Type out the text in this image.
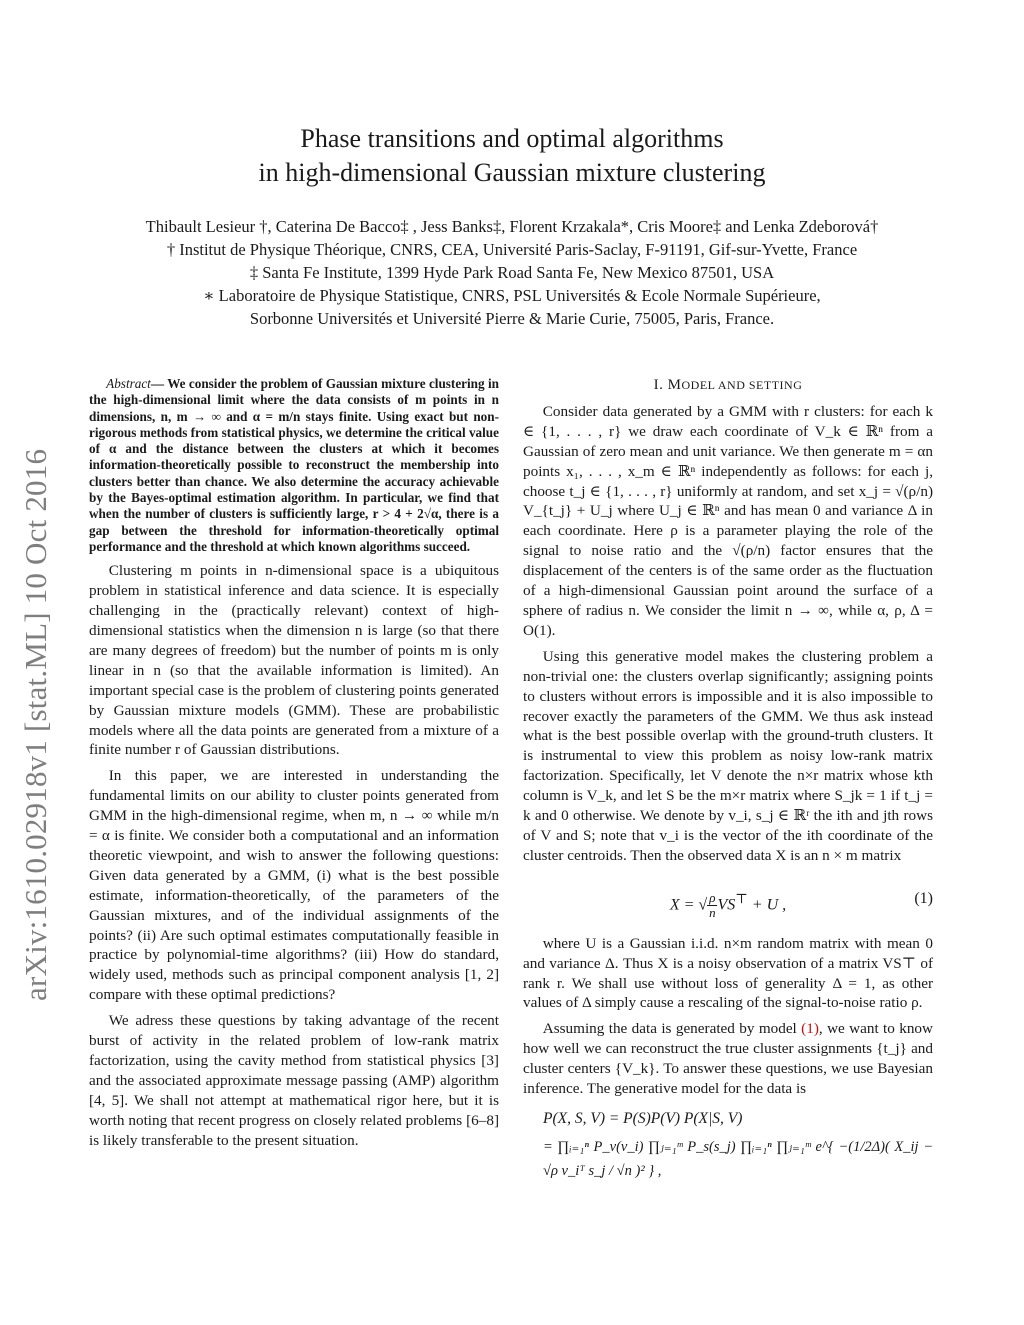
arXiv:1610.02918v1 [stat.ML] 10 Oct 2016
Phase transitions and optimal algorithms
in high-dimensional Gaussian mixture clustering
Thibault Lesieur †, Caterina De Bacco‡ , Jess Banks‡, Florent Krzakala*, Cris Moore‡ and Lenka Zdeborová†
† Institut de Physique Théorique, CNRS, CEA, Université Paris-Saclay, F-91191, Gif-sur-Yvette, France
‡ Santa Fe Institute, 1399 Hyde Park Road Santa Fe, New Mexico 87501, USA
∗ Laboratoire de Physique Statistique, CNRS, PSL Universités & Ecole Normale Supérieure,
Sorbonne Universités et Université Pierre & Marie Curie, 75005, Paris, France.
Abstract— We consider the problem of Gaussian mixture clustering in the high-dimensional limit where the data consists of m points in n dimensions, n, m → ∞ and α = m/n stays finite. Using exact but non-rigorous methods from statistical physics, we determine the critical value of α and the distance between the clusters at which it becomes information-theoretically possible to reconstruct the membership into clusters better than chance. We also determine the accuracy achievable by the Bayes-optimal estimation algorithm. In particular, we find that when the number of clusters is sufficiently large, r > 4 + 2√α, there is a gap between the threshold for information-theoretically optimal performance and the threshold at which known algorithms succeed.

Clustering m points in n-dimensional space is a ubiquitous problem in statistical inference and data science. It is especially challenging in the (practically relevant) context of high-dimensional statistics when the dimension n is large (so that there are many degrees of freedom) but the number of points m is only linear in n (so that the available information is limited). An important special case is the problem of clustering points generated by Gaussian mixture models (GMM). These are probabilistic models where all the data points are generated from a mixture of a finite number r of Gaussian distributions.

In this paper, we are interested in understanding the fundamental limits on our ability to cluster points generated from GMM in the high-dimensional regime, when m, n → ∞ while m/n = α is finite. We consider both a computational and an information theoretic viewpoint, and wish to answer the following questions: Given data generated by a GMM, (i) what is the best possible estimate, information-theoretically, of the parameters of the Gaussian mixtures, and of the individual assignments of the points? (ii) Are such optimal estimates computationally feasible in practice by polynomial-time algorithms? (iii) How do standard, widely used, methods such as principal component analysis [1, 2] compare with these optimal predictions?

We adress these questions by taking advantage of the recent burst of activity in the related problem of low-rank matrix factorization, using the cavity method from statistical physics [3] and the associated approximate message passing (AMP) algorithm [4, 5]. We shall not attempt at mathematical rigor here, but it is worth noting that recent progress on closely related problems [6–8] is likely transferable to the present situation.

I. MODEL AND SETTING

Consider data generated by a GMM with r clusters: for each k ∈ {1, . . . , r} we draw each coordinate of V_k ∈ ℝⁿ from a Gaussian of zero mean and unit variance. We then generate m = αn points x₁, . . . , x_m ∈ ℝⁿ independently as follows: for each j, choose t_j ∈ {1, . . . , r} uniformly at random, and set x_j = √(ρ/n) V_{t_j} + U_j where U_j ∈ ℝⁿ and has mean 0 and variance Δ in each coordinate. Here ρ is a parameter playing the role of the signal to noise ratio and the √(ρ/n) factor ensures that the displacement of the centers is of the same order as the fluctuation of a high-dimensional Gaussian point around the surface of a sphere of radius n. We consider the limit n → ∞, while α, ρ, Δ = O(1).

Using this generative model makes the clustering problem a non-trivial one: the clusters overlap significantly; assigning points to clusters without errors is impossible and it is also impossible to recover exactly the parameters of the GMM. We thus ask instead what is the best possible overlap with the ground-truth clusters. It is instrumental to view this problem as noisy low-rank matrix factorization. Specifically, let V denote the n×r matrix whose kth column is V_k, and let S be the m×r matrix where S_jk = 1 if t_j = k and 0 otherwise. We denote by v_i, s_j ∈ ℝʳ the ith and jth rows of V and S; note that v_i is the vector of the ith coordinate of the cluster centroids. Then the observed data X is an n × m matrix

X = √ $\frac{\rho}{n} VS^⊤ + U$ ,	(1)

where U is a Gaussian i.i.d. n×m random matrix with mean 0 and variance Δ. Thus X is a noisy observation of a matrix VS⊤ of rank r. We shall use without loss of generality Δ = 1, as other values of Δ simply cause a rescaling of the signal-to-noise ratio ρ.

Assuming the data is generated by model (1), we want to know how well we can reconstruct the true cluster assignments {t_j} and cluster centers {V_k}. To answer these questions, we use Bayesian inference. The generative model for the data is

P(X, S, V) = P(S)P(V) P(X|S, V)
= ∏ᵢ₌₁ⁿ P_v(v_i) ∏ⱼ₌₁ᵐ P_s(s_j) ∏ᵢ₌₁ⁿ ∏ⱼ₌₁ᵐ e^{ −(1/2Δ)( X_ij − √ρ v_iᵀ s_j / √n )² } ,
